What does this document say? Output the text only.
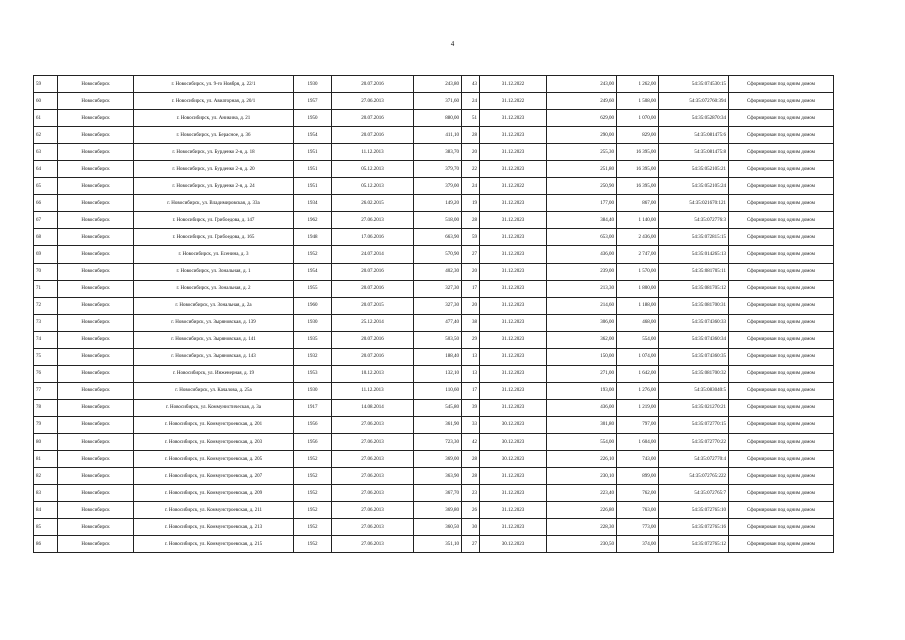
4
59	Новосибирск	г. Новосибирск, ул. 9-го Ноября, д. 22/1	1930	20.07.2016	243,80	43	31.12.2022	243,00	1 262,00	54:35:074530:15	Сформирован под одним домом
60	Новосибирск	г. Новосибирск, ул. Авиаторная, д. 20/1	1957	27.06.2013	371,60	24	31.12.2022	249,60	1 508,00	54:35:072760:394	Сформирован под одним домом
61	Новосибирск	г. Новосибирск, ул. Аникина, д. 21	1950	20.07.2016	880,00	51	31.12.2023	629,00	1 070,00	54:35:052870:34	Сформирован под одним домом
62	Новосибирск	г. Новосибирск, ул. Берасное, д. 36	1954	20.07.2016	411,10	28	31.12.2023	290,00	829,00	54:35:081475:6	Сформирован под одним домом
63	Новосибирск	г. Новосибирск, ул. Бурденко 2-я, д. 18	1951	11.12.2013	383,70	20	31.12.2023	255,30	16 395,00	54:35:081475:8	Сформирован под одним домом
64	Новосибирск	г. Новосибирск, ул. Бурденко 2-я, д. 20	1951	05.12.2013	379,70	22	31.12.2023	251,80	16 395,00	54:35:052105:21	Сформирован под одним домом
65	Новосибирск	г. Новосибирск, ул. Бурденко 2-я, д. 24	1951	05.12.2013	379,00	24	31.12.2022	250,90	16 395,00	54:35:052105:24	Сформирован под одним домом
66	Новосибирск	г. Новосибирск, ул. Владимировская, д. 33а	1934	26.02.2015	149,20	19	31.12.2023	177,00	867,00	54:35:021670:121	Сформирован под одним домом
67	Новосибирск	г. Новосибирск, ул. Грибоедова, д. 147	1962	27.06.2013	518,00	28	31.12.2023	384,40	1 140,00	54:35:072776:3	Сформирован под одним домом
68	Новосибирск	г. Новосибирск, ул. Грибоедова, д. 165	1948	17.06.2016	663,90	59	31.12.2023	653,00	2 436,00	54:35:072815:15	Сформирован под одним домом
69	Новосибирск	г. Новосибирск, ул. Есенина, д. 3	1952	24.07.2014	570,90	27	31.12.2023	436,00	2 747,00	54:35:014265:13	Сформирован под одним домом
70	Новосибирск	г. Новосибирск, ул. Зональная, д. 1	1954	20.07.2016	402,30	20	31.12.2023	239,00	1 570,00	54:35:081705:11	Сформирован под одним домом
71	Новосибирск	г. Новосибирск, ул. Зональная, д. 2	1955	20.07.2016	327,30	17	31.12.2023	213,30	1 800,00	54:35:081705:12	Сформирован под одним домом
72	Новосибирск	г. Новосибирск, ул. Зональная, д. 2а	1960	20.07.2015	327,30	20	31.12.2023	214,60	1 188,00	54:35:081700:31	Сформирован под одним домом
73	Новосибирск	г. Новосибирск, ул. Зыряновская, д. 139	1930	25.12.2014	477,40	38	31.12.2023	306,00	468,00	54:35:074360:33	Сформирован под одним домом
74	Новосибирск	г. Новосибирск, ул. Зыряновская, д. 141	1935	20.07.2016	503,50	29	31.12.2023	362,00	554,00	54:35:074360:34	Сформирован под одним домом
75	Новосибирск	г. Новосибирск, ул. Зыряновская, д. 143	1932	20.07.2016	188,40	13	31.12.2023	150,00	1 074,00	54:35:074360:35	Сформирован под одним домом
76	Новосибирск	г. Новосибирск, ул. Инженерная, д. 19	1953	10.12.2013	132,10	13	31.12.2023	271,00	1 642,00	54:35:081700:32	Сформирован под одним домом
77	Новосибирск	г. Новосибирск, ул. Качалова, д. 25а	1930	11.12.2013	110,60	17	31.12.2023	193,00	1 276,00	54:35:083040:5	Сформирован под одним домом
78	Новосибирск	г. Новосибирск, ул. Коммунистическая, д. 3а	1917	14.08.2014	545,80	39	31.12.2023	436,00	1 219,00	54:35:021270:21	Сформирован под одним домом
79	Новосибирск	г. Новосибирск, ул. Коммунстроевская, д. 201	1956	27.06.2013	361,90	33	30.12.2023	301,80	797,00	54:35:072770:15	Сформирован под одним домом
80	Новосибирск	г. Новосибирск, ул. Коммунстроевская, д. 203	1956	27.06.2013	723,30	42	30.12.2023	554,00	1 604,00	54:35:072770:22	Сформирован под одним домом
81	Новосибирск	г. Новосибирск, ул. Коммунстроевская, д. 205	1952	27.06.2013	369,00	28	30.12.2023	226,10	743,00	54:35:072770:4	Сформирован под одним домом
82	Новосибирск	г. Новосибирск, ул. Коммунстроевская, д. 207	1952	27.06.2013	363,90	28	31.12.2023	230,10	899,00	54:35:072765:222	Сформирован под одним домом
83	Новосибирск	г. Новосибирск, ул. Коммунстроевская, д. 209	1952	27.06.2013	367,70	23	31.12.2023	223,40	762,00	54:35:072765:7	Сформирован под одним домом
84	Новосибирск	г. Новосибирск, ул. Коммунстроевская, д. 211	1952	27.06.2013	369,80	26	31.12.2023	226,80	763,00	54:35:072765:10	Сформирован под одним домом
85	Новосибирск	г. Новосибирск, ул. Коммунстроевская, д. 213	1952	27.06.2013	360,50	30	31.12.2023	228,30	773,00	54:35:072765:16	Сформирован под одним домом
86	Новосибирск	г. Новосибирск, ул. Коммунстроевская, д. 215	1952	27.06.2013	351,10	27	30.12.2023	230,50	374,00	54:35:072765:12	Сформирован под одним домом
